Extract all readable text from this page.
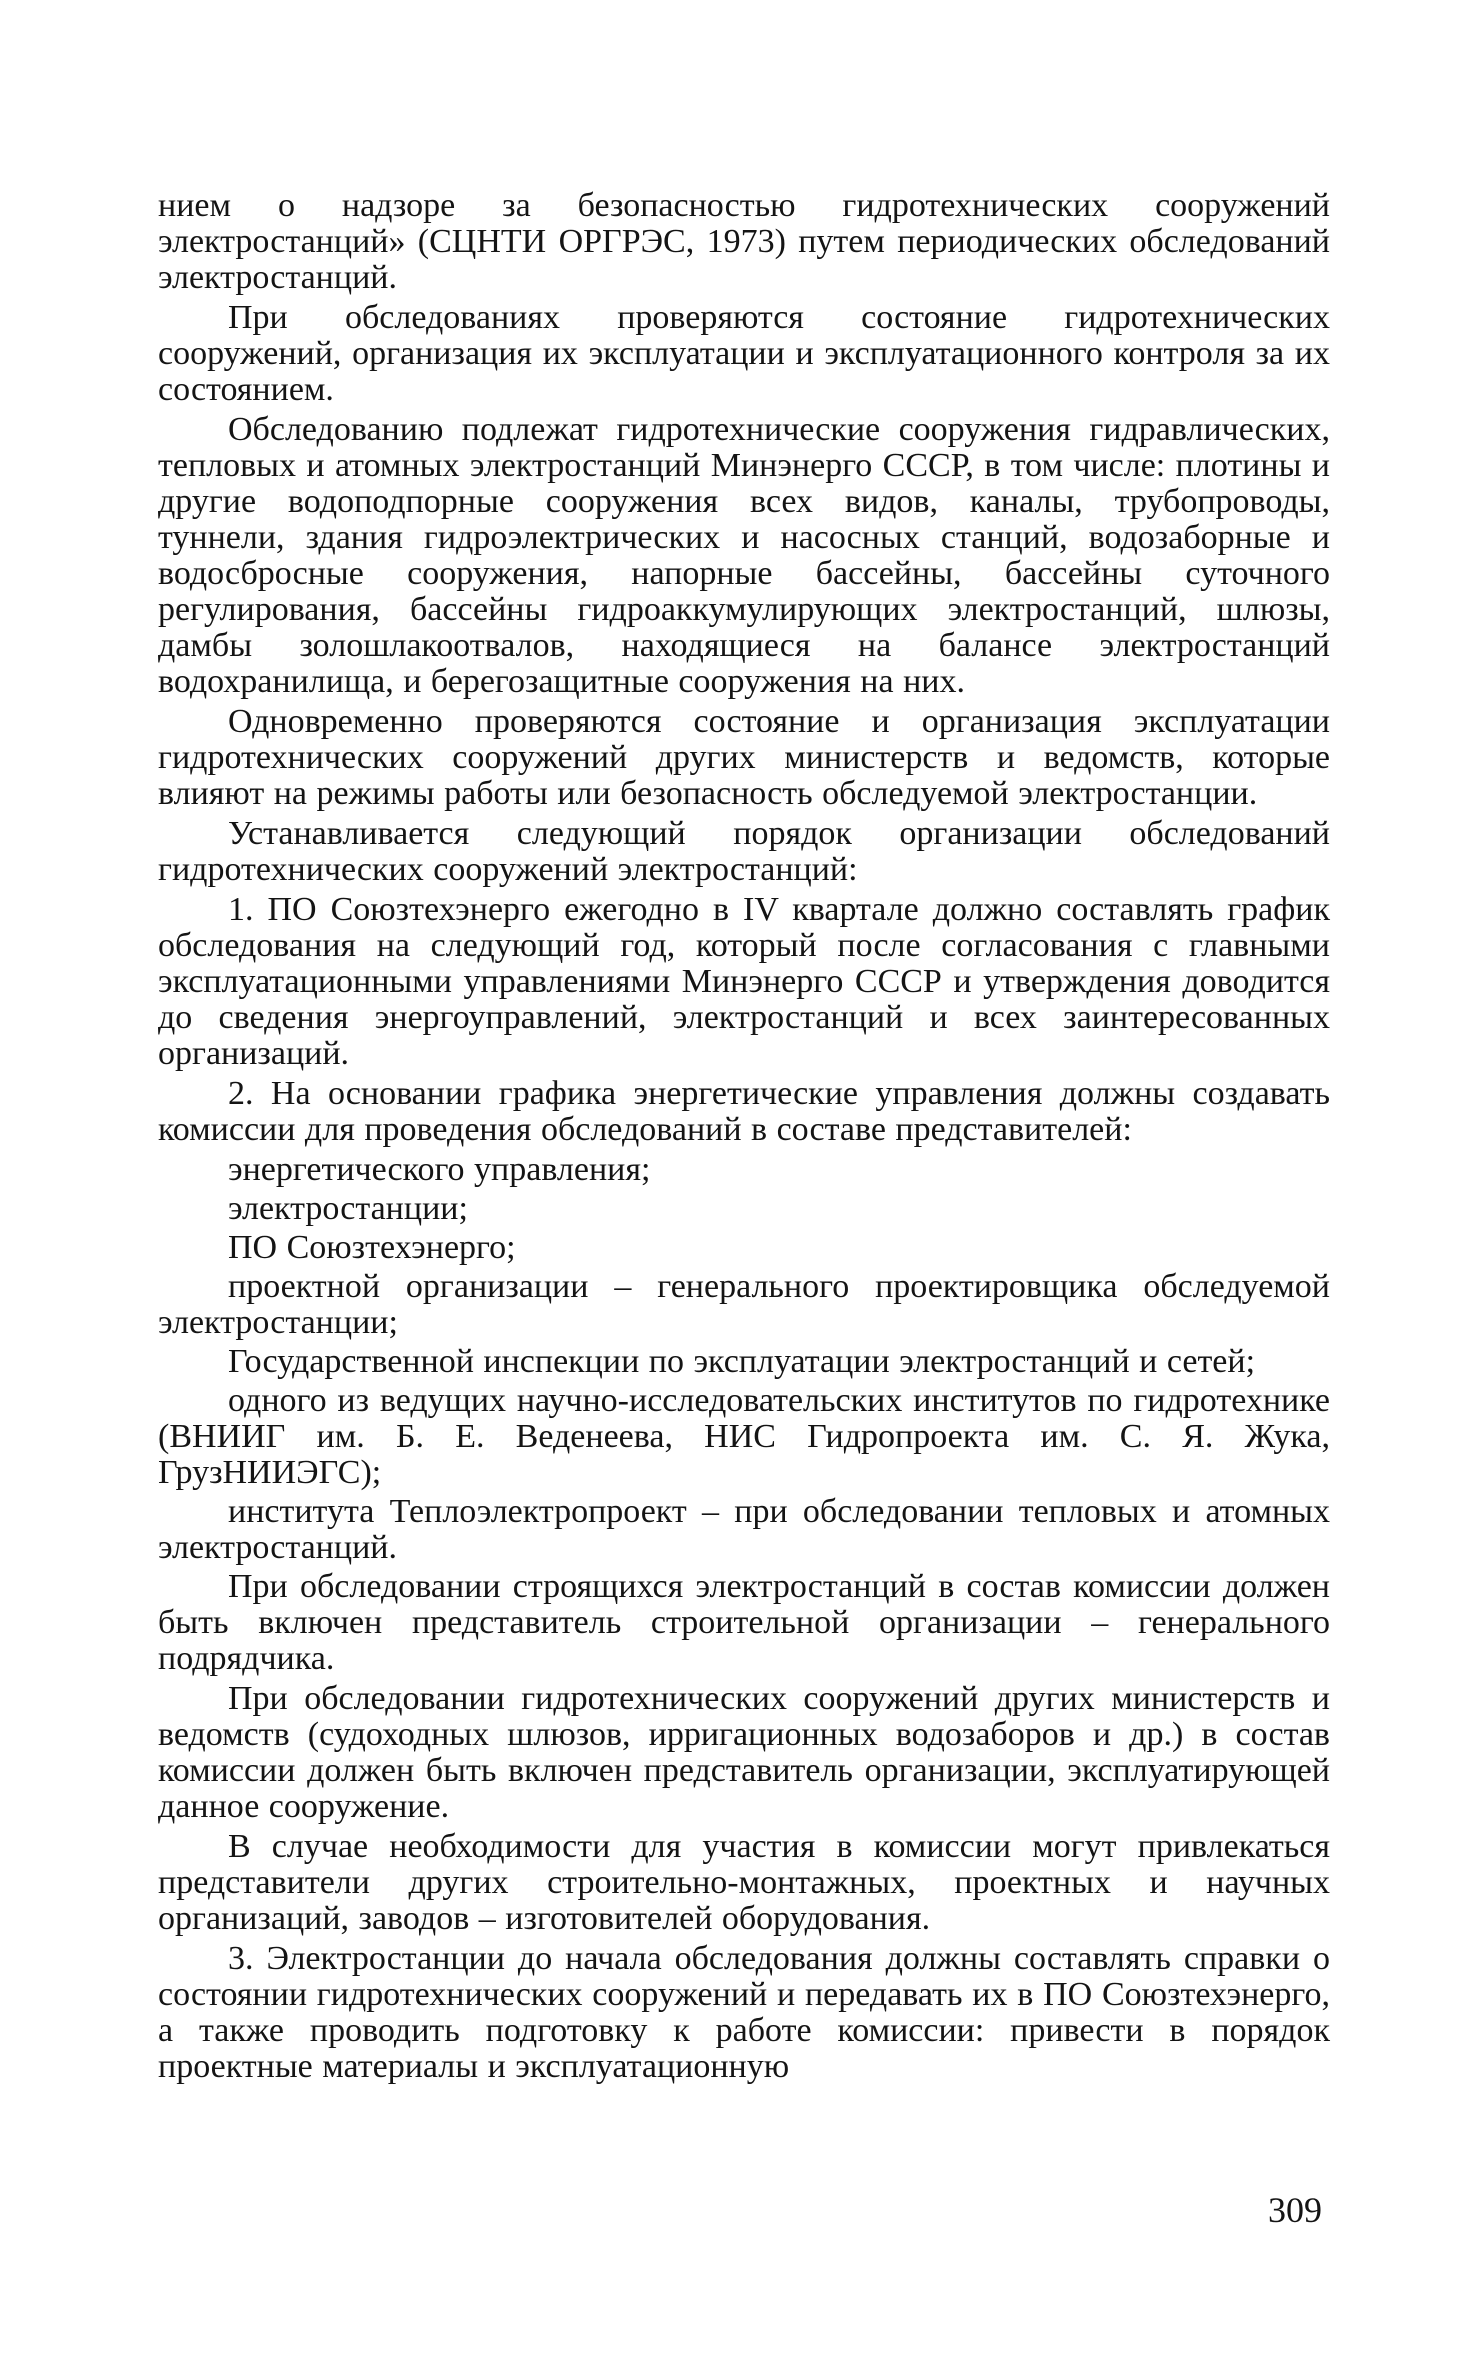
нием о надзоре за безопасностью гидротехнических сооружений электростанций» (СЦНТИ ОРГРЭС, 1973) путем периодических обследований электростанций.

При обследованиях проверяются состояние гидротехнических сооружений, организация их эксплуатации и эксплуатационного контроля за их состоянием.

Обследованию подлежат гидротехнические сооружения гидравлических, тепловых и атомных электростанций Минэнерго СССР, в том числе: плотины и другие водоподпорные сооружения всех видов, каналы, трубопроводы, туннели, здания гидроэлектрических и насосных станций, водозаборные и водосбросные сооружения, напорные бассейны, бассейны суточного регулирования, бассейны гидроаккумулирующих электростанций, шлюзы, дамбы золошлакоотвалов, находящиеся на балансе электростанций водохранилища, и берегозащитные сооружения на них.

Одновременно проверяются состояние и организация эксплуатации гидротехнических сооружений других министерств и ведомств, которые влияют на режимы работы или безопасность обследуемой электростанции.

Устанавливается следующий порядок организации обследований гидротехнических сооружений электростанций:

1. ПО Союзтехэнерго ежегодно в IV квартале должно составлять график обследования на следующий год, который после согласования с главными эксплуатационными управлениями Минэнерго СССР и утверждения доводится до сведения энергоуправлений, электростанций и всех заинтересованных организаций.

2. На основании графика энергетические управления должны создавать комиссии для проведения обследований в составе представителей:

энергетического управления;

электростанции;

ПО Союзтехэнерго;

проектной организации – генерального проектировщика обследуемой электростанции;

Государственной инспекции по эксплуатации электростанций и сетей;

одного из ведущих научно-исследовательских институтов по гидротехнике (ВНИИГ им. Б. Е. Веденеева, НИС Гидропроекта им. С. Я. Жука, ГрузНИИЭГС);

института Теплоэлектропроект – при обследовании тепловых и атомных электростанций.

При обследовании строящихся электростанций в состав комиссии должен быть включен представитель строительной организации – генерального подрядчика.

При обследовании гидротехнических сооружений других министерств и ведомств (судоходных шлюзов, ирригационных водозаборов и др.) в состав комиссии должен быть включен представитель организации, эксплуатирующей данное сооружение.

В случае необходимости для участия в комиссии могут привлекаться представители других строительно-монтажных, проектных и научных организаций, заводов – изготовителей оборудования.

3. Электростанции до начала обследования должны составлять справки о состоянии гидротехнических сооружений и передавать их в ПО Союзтехэнерго, а также проводить подготовку к работе комиссии: привести в порядок проектные материалы и эксплуатационную

309
